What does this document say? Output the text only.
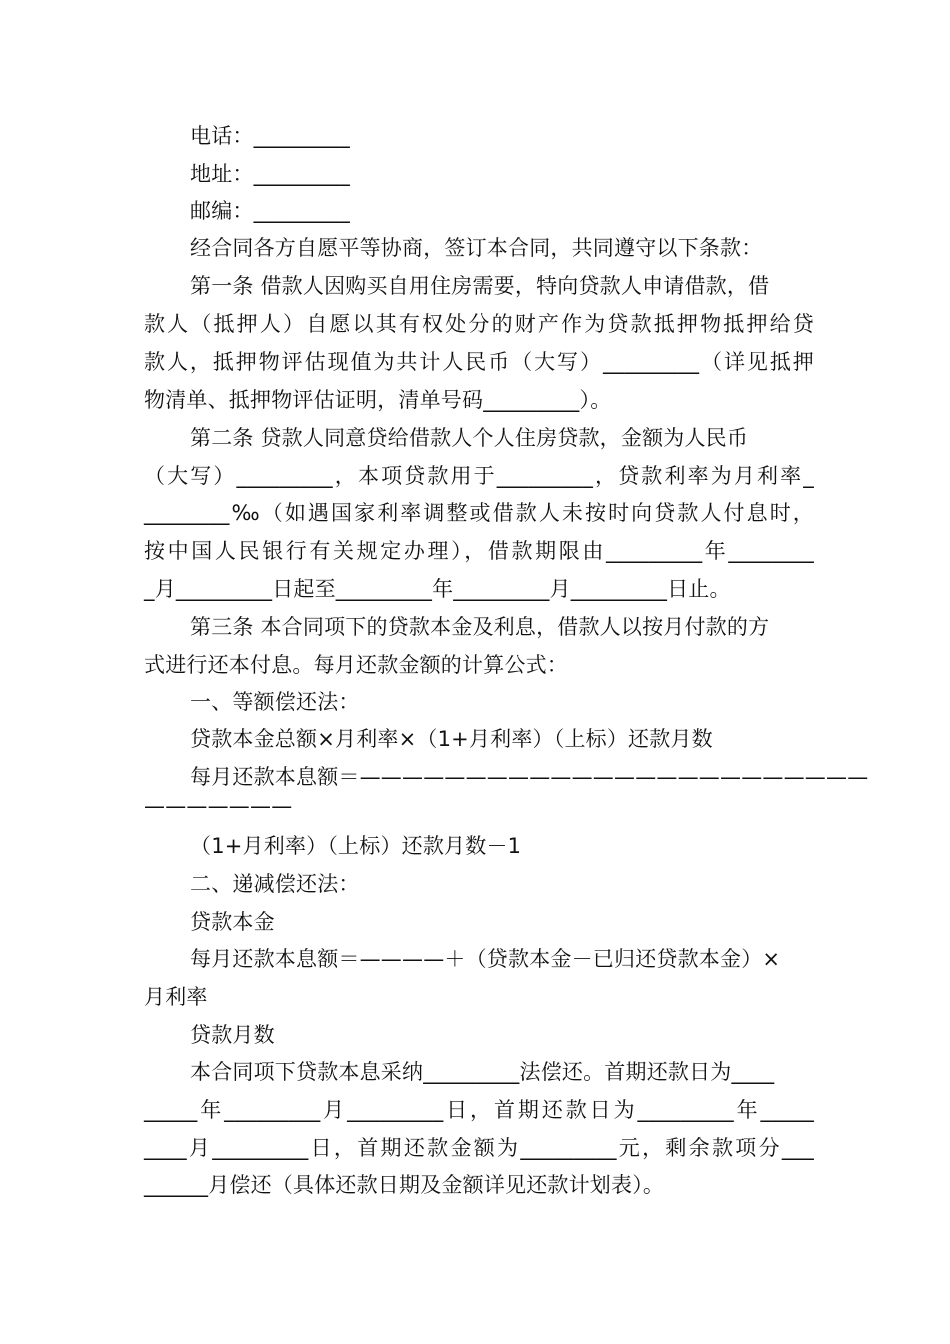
电话：_________
地址：_________
邮编：_________
经合同各方自愿平等协商，签订本合同，共同遵守以下条款：
第一条 借款人因购买自用住房需要，特向贷款人申请借款，借
款人（抵押人）自愿以其有权处分的财产作为贷款抵押物抵押给贷
款人，抵押物评估现值为共计人民币（大写）_________（详见抵押
物清单、抵押物评估证明，清单号码_________）。
第二条 贷款人同意贷给借款人个人住房贷款，金额为人民币
（大写）_________，本项贷款用于_________，贷款利率为月利率_
________‰（如遇国家利率调整或借款人未按时向贷款人付息时，
按中国人民银行有关规定办理），借款期限由_________年________
_月_________日起至_________年_________月_________日止。
第三条 本合同项下的贷款本金及利息，借款人以按月付款的方
式进行还本付息。每月还款金额的计算公式：
一、等额偿还法：
贷款本金总额×月利率×（1+月利率）（上标）还款月数
每月还款本息额＝————————————————————————
———————
（1+月利率）（上标）还款月数－1
二、递减偿还法：
贷款本金
每月还款本息额＝————＋（贷款本金－已归还贷款本金）×
月利率
贷款月数
本合同项下贷款本息采纳_________法偿还。首期还款日为____
_____年_________月_________日，首期还款日为_________年_____
____月_________日，首期还款金额为_________元，剩余款项分___
______月偿还（具体还款日期及金额详见还款计划表）。
